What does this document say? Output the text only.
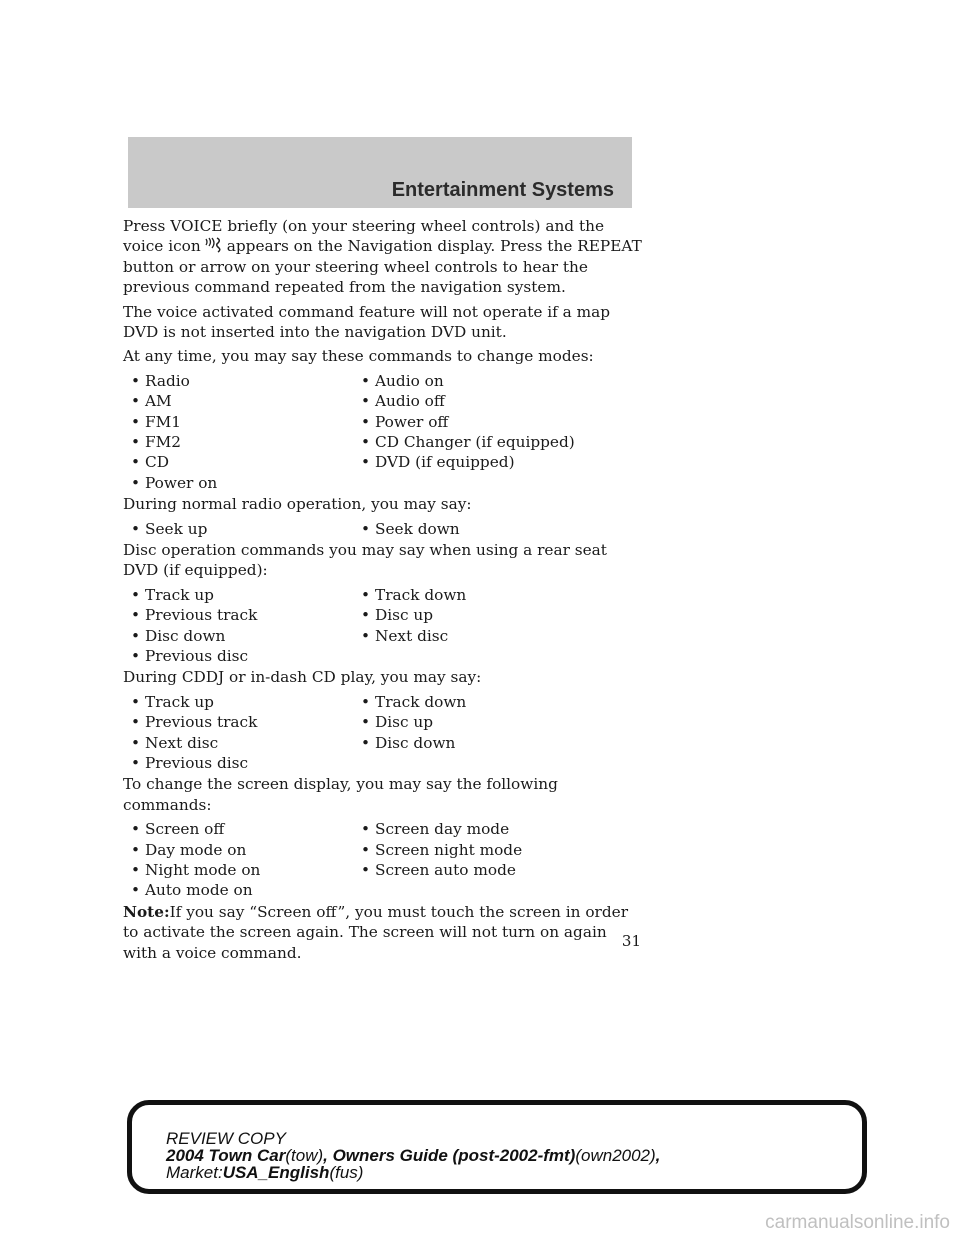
Entertainment Systems

Press VOICE briefly (on your steering wheel controls) and the voice icon appears on the Navigation display. Press the REPEAT button or arrow on your steering wheel controls to hear the previous command repeated from the navigation system.

The voice activated command feature will not operate if a map DVD is not inserted into the navigation DVD unit.

At any time, you may say these commands to change modes:

• Radio	• Audio on
• AM	• Audio off
• FM1	• Power off
• FM2	• CD Changer (if equipped)
• CD	• DVD (if equipped)
• Power on

During normal radio operation, you may say:

• Seek up	• Seek down

Disc operation commands you may say when using a rear seat DVD (if equipped):

• Track up	• Track down
• Previous track	• Disc up
• Disc down	• Next disc
• Previous disc

During CDDJ or in-dash CD play, you may say:

• Track up	• Track down
• Previous track	• Disc up
• Next disc	• Disc down
• Previous disc

To change the screen display, you may say the following commands:

• Screen off	• Screen day mode
• Day mode on	• Screen night mode
• Night mode on	• Screen auto mode
• Auto mode on

Note:If you say “Screen off”, you must touch the screen in order to activate the screen again. The screen will not turn on again with a voice command.

31
REVIEW COPY
2004 Town Car(tow), Owners Guide (post-2002-fmt)(own2002),
Market:USA_English(fus)
carmanualsonline.info
